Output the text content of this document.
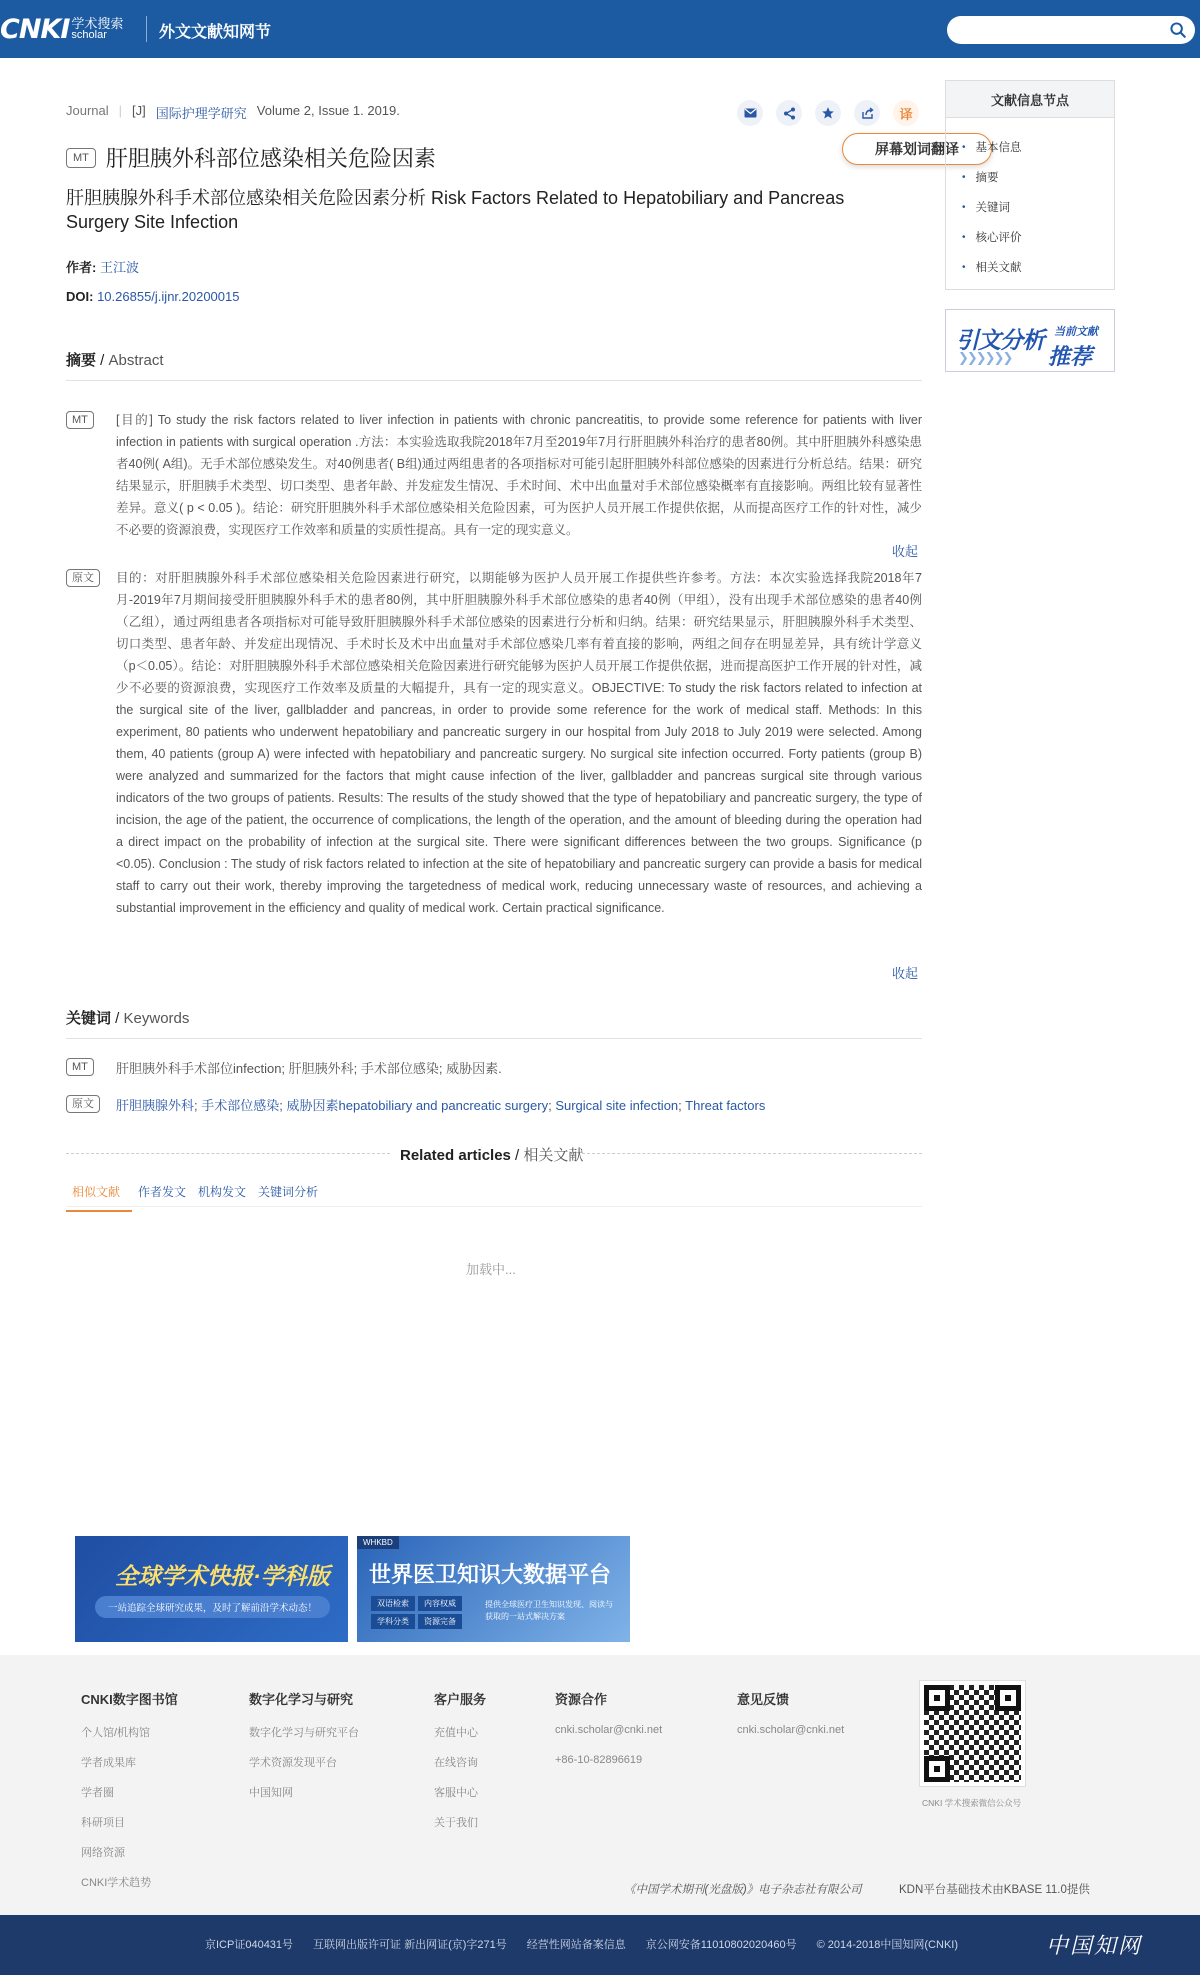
CNKI 学术搜索
scholar	外文文献知网节
Journal | [J] 国际护理学研究 Volume 2, Issue 1. 2019.	译
屏幕划词翻译
MT 肝胆胰外科部位感染相关危险因素
肝胆胰腺外科手术部位感染相关危险因素分析 Risk Factors Related to Hepatobiliary and Pancreas Surgery Site Infection
作者: 王江波
DOI: 10.26855/j.ijnr.20200015
摘要 / Abstract
MT	[目的] To study the risk factors related to liver infection in patients with chronic pancreatitis, to provide some reference for patients with liver infection in patients with surgical operation .方法：本实验选取我院2018年7月至2019年7月行肝胆胰外科治疗的患者80例。其中肝胆胰外科感染患者40例( A组)。无手术部位感染发生。对40例患者( B组)通过两组患者的各项指标对可能引起肝胆胰外科部位感染的因素进行分析总结。结果：研究结果显示，肝胆胰手术类型、切口类型、患者年龄、并发症发生情况、手术时间、术中出血量对手术部位感染概率有直接影响。两组比较有显著性差异。意义( p < 0.05 )。结论：研究肝胆胰外科手术部位感染相关危险因素，可为医护人员开展工作提供依据，从而提高医疗工作的针对性，减少不必要的资源浪费，实现医疗工作效率和质量的实质性提高。具有一定的现实意义。
收起
原文	目的：对肝胆胰腺外科手术部位感染相关危险因素进行研究，以期能够为医护人员开展工作提供些许参考。方法：本次实验选择我院2018年7月-2019年7月期间接受肝胆胰腺外科手术的患者80例，其中肝胆胰腺外科手术部位感染的患者40例（甲组），没有出现手术部位感染的患者40例（乙组），通过两组患者各项指标对可能导致肝胆胰腺外科手术部位感染的因素进行分析和归纳。结果：研究结果显示，肝胆胰腺外科手术类型、切口类型、患者年龄、并发症出现情况、手术时长及术中出血量对手术部位感染几率有着直接的影响，两组之间存在明显差异，具有统计学意义（p＜0.05）。结论：对肝胆胰腺外科手术部位感染相关危险因素进行研究能够为医护人员开展工作提供依据，进而提高医护工作开展的针对性，减少不必要的资源浪费，实现医疗工作效率及质量的大幅提升，具有一定的现实意义。OBJECTIVE: To study the risk factors related to infection at the surgical site of the liver, gallbladder and pancreas, in order to provide some reference for the work of medical staff. Methods: In this experiment, 80 patients who underwent hepatobiliary and pancreatic surgery in our hospital from July 2018 to July 2019 were selected. Among them, 40 patients (group A) were infected with hepatobiliary and pancreatic surgery. No surgical site infection occurred. Forty patients (group B) were analyzed and summarized for the factors that might cause infection of the liver, gallbladder and pancreas surgical site through various indicators of the two groups of patients. Results: The results of the study showed that the type of hepatobiliary and pancreatic surgery, the type of incision, the age of the patient, the occurrence of complications, the length of the operation, and the amount of bleeding during the operation had a direct impact on the probability of infection at the surgical site. There were significant differences between the two groups. Significance (p <0.05). Conclusion : The study of risk factors related to infection at the site of hepatobiliary and pancreatic surgery can provide a basis for medical staff to carry out their work, thereby improving the targetedness of medical work, reducing unnecessary waste of resources, and achieving a substantial improvement in the efficiency and quality of medical work. Certain practical significance.
收起
关键词 / Keywords
MT	肝胆胰外科手术部位infection; 肝胆胰外科; 手术部位感染; 威胁因素.
原文	肝胆胰腺外科; 手术部位感染; 威胁因素hepatobiliary and pancreatic surgery; Surgical site infection; Threat factors
Related articles / 相关文献
相似文献	作者发文	机构发文	关键词分析
加载中...
文献信息节点
• 基本信息
• 摘要
• 关键词
• 核心评价
• 相关文献
引文分析 当前文献
推荐
❯❯❯❯❯❯
全球学术快报·学科版
一站追踪全球研究成果，及时了解前沿学术动态！
WHKBD
世界医卫知识大数据平台
双语检索	内容权威
学科分类	资源完备
提供全球医疗卫生知识发现、阅读与获取的一站式解决方案
CNKI数字图书馆
个人馆/机构馆
学者成果库
学者圈
科研项目
网络资源
CNKI学术趋势
数字化学习与研究
数字化学习与研究平台
学术资源发现平台
中国知网
客户服务
充值中心
在线咨询
客服中心
关于我们
资源合作
cnki.scholar@cnki.net
+86-10-82896619
意见反馈
cnki.scholar@cnki.net
CNKI 学术搜索微信公众号
《中国学术期刊(光盘版)》电子杂志社有限公司	KDN平台基础技术由KBASE 11.0提供
京ICP证040431号 互联网出版许可证 新出网证(京)字271号 经营性网站备案信息 京公网安备11010802020460号 © 2014-2018中国知网(CNKI)	中国知网
